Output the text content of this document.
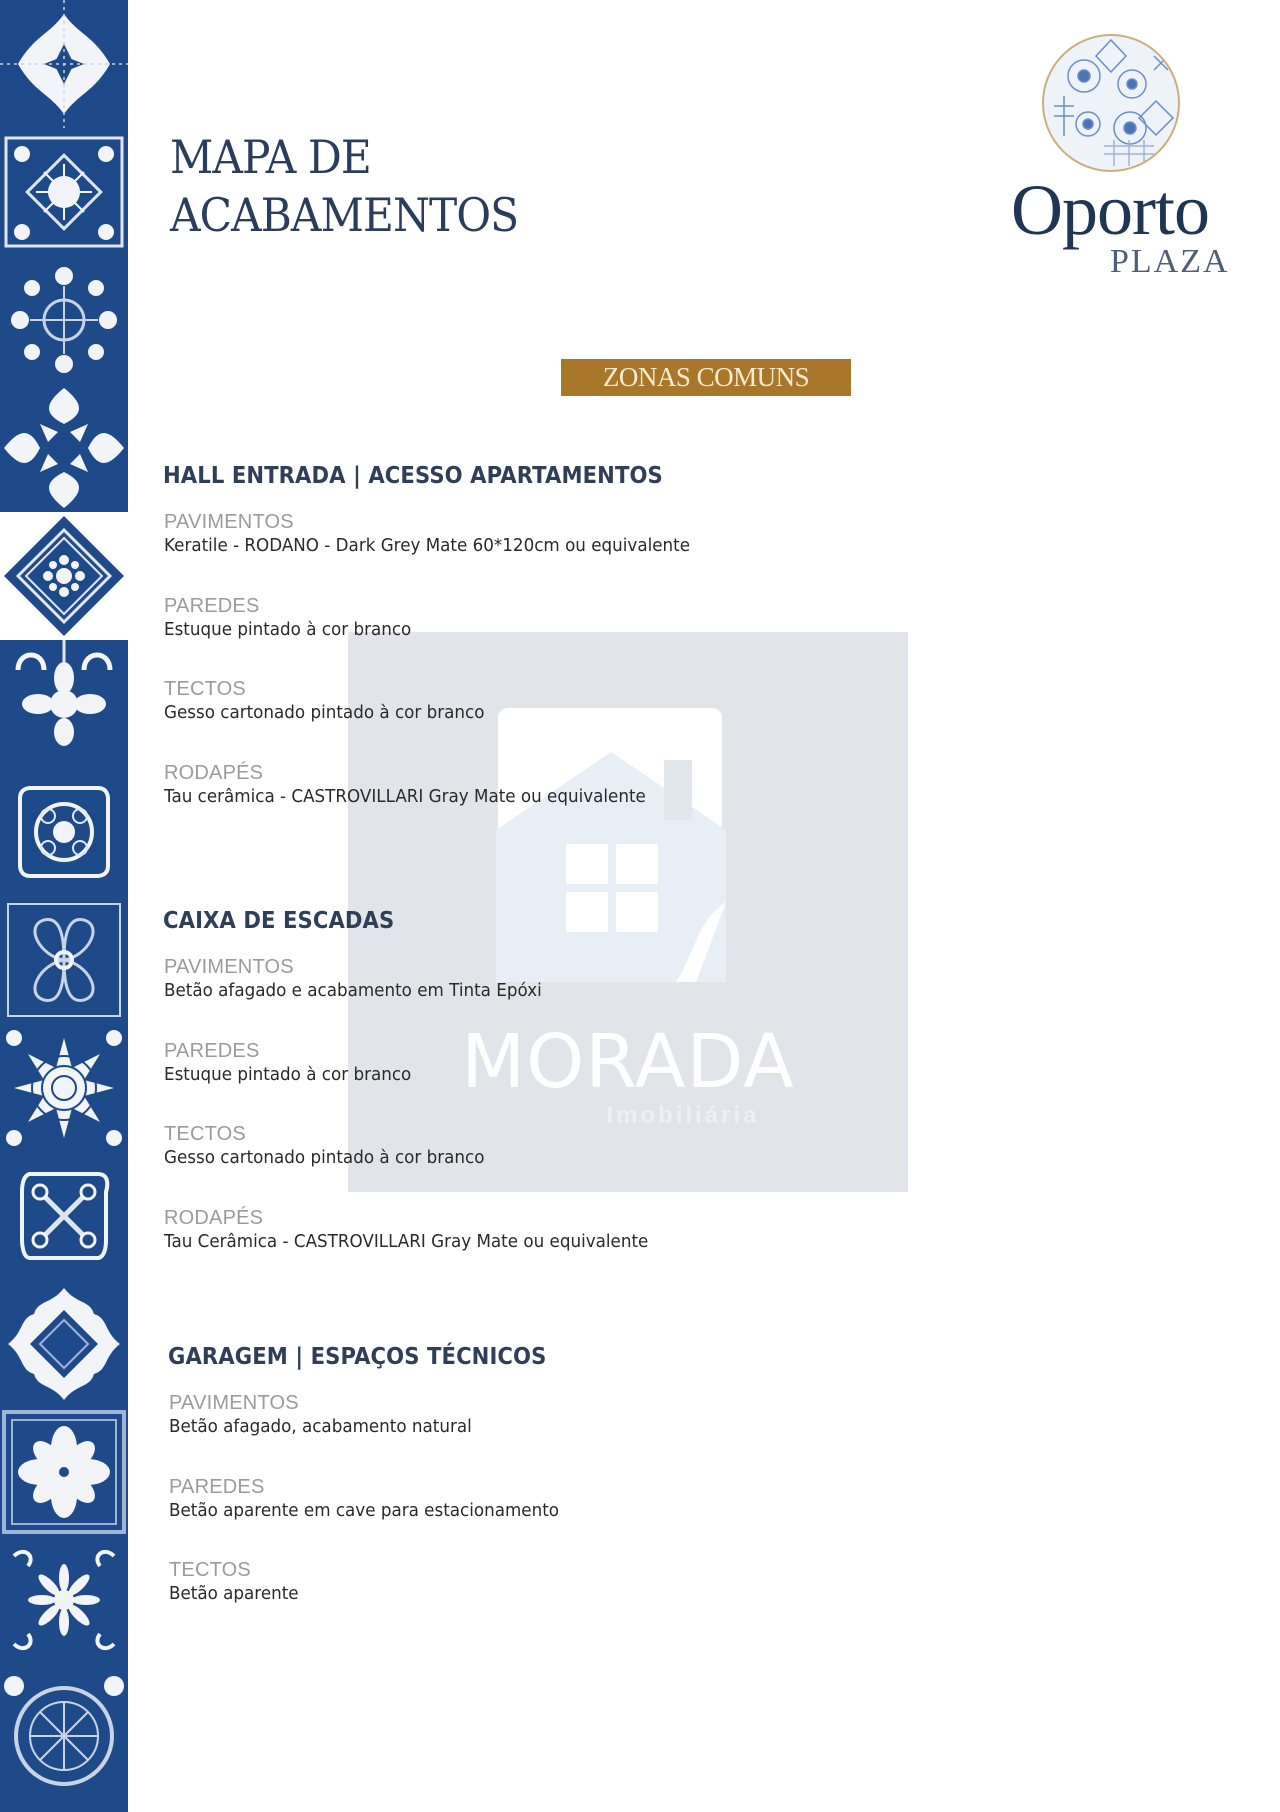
MAPA DE
ACABAMENTOS	Oporto
PLAZA
ZONAS COMUNS
MORADA
Imobiliária
HALL ENTRADA | ACESSO APARTAMENTOS
PAVIMENTOS
Keratile - RODANO - Dark Grey Mate 60*120cm ou equivalente
PAREDES
Estuque pintado à cor branco
TECTOS
Gesso cartonado pintado à cor branco
RODAPÉS
Tau cerâmica - CASTROVILLARI Gray Mate ou equivalente
CAIXA DE ESCADAS
PAVIMENTOS
Betão afagado e acabamento em Tinta Epóxi
PAREDES
Estuque pintado à cor branco
TECTOS
Gesso cartonado pintado à cor branco
RODAPÉS
Tau Cerâmica - CASTROVILLARI Gray Mate ou equivalente
GARAGEM | ESPAÇOS TÉCNICOS
PAVIMENTOS
Betão afagado, acabamento natural
PAREDES
Betão aparente em cave para estacionamento
TECTOS
Betão aparente
